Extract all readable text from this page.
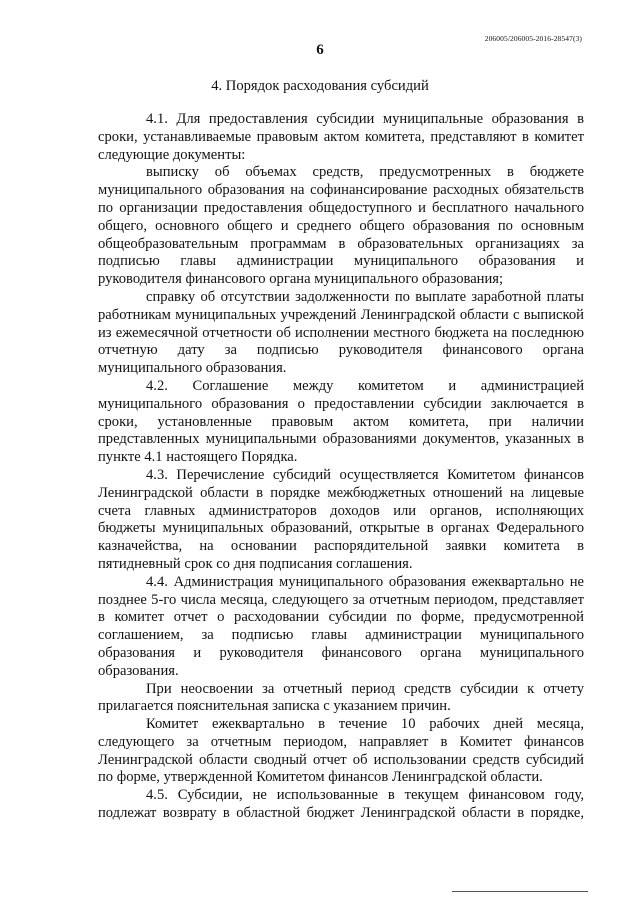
206005/206005-2016-28547(3)
6
4. Порядок расходования субсидий

4.1. Для предоставления субсидии муниципальные образования в сроки, устанавливаемые правовым актом комитета, представляют в комитет следующие документы:

выписку об объемах средств, предусмотренных в бюджете муниципального образования на софинансирование расходных обязательств по организации предоставления общедоступного и бесплатного начального общего, основного общего и среднего общего образования по основным общеобразовательным программам в образовательных организациях за подписью главы администрации муниципального образования и руководителя финансового органа муниципального образования;

справку об отсутствии задолженности по выплате заработной платы работникам муниципальных учреждений Ленинградской области с выпиской из ежемесячной отчетности об исполнении местного бюджета на последнюю отчетную дату за подписью руководителя финансового органа муниципального образования.

4.2. Соглашение между комитетом и администрацией муниципального образования о предоставлении субсидии заключается в сроки, установленные правовым актом комитета, при наличии представленных муниципальными образованиями документов, указанных в пункте 4.1 настоящего Порядка.

4.3. Перечисление субсидий осуществляется Комитетом финансов Ленинградской области в порядке межбюджетных отношений на лицевые счета главных администраторов доходов или органов, исполняющих бюджеты муниципальных образований, открытые в органах Федерального казначейства, на основании распорядительной заявки комитета в пятидневный срок со дня подписания соглашения.

4.4. Администрация муниципального образования ежеквартально не позднее 5-го числа месяца, следующего за отчетным периодом, представляет в комитет отчет о расходовании субсидии по форме, предусмотренной соглашением, за подписью главы администрации муниципального образования и руководителя финансового органа муниципального образования.

При неосвоении за отчетный период средств субсидии к отчету прилагается пояснительная записка с указанием причин.

Комитет ежеквартально в течение 10 рабочих дней месяца, следующего за отчетным периодом, направляет в Комитет финансов Ленинградской области сводный отчет об использовании средств субсидий по форме, утвержденной Комитетом финансов Ленинградской области.

4.5. Субсидии, не использованные в текущем финансовом году, подлежат возврату в областной бюджет Ленинградской области в порядке,
